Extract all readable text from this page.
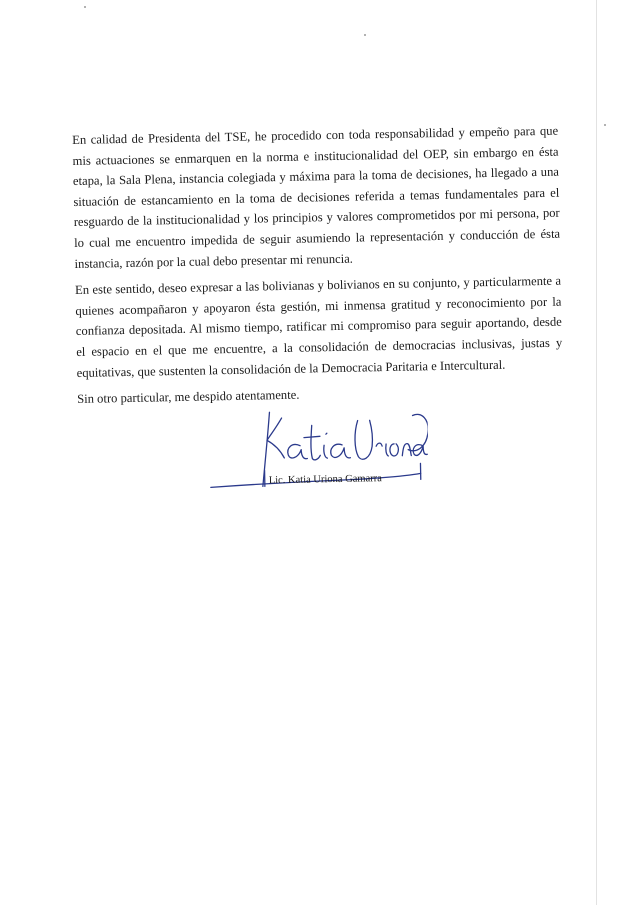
En calidad de Presidenta del TSE, he procedido con toda responsabilidad y empeño para que mis actuaciones se enmarquen en la norma e institucionalidad del OEP, sin embargo en ésta etapa, la Sala Plena, instancia colegiada y máxima para la toma de decisiones, ha llegado a una situación de estancamiento en la toma de decisiones referida a temas fundamentales para el resguardo de la institucionalidad y los principios y valores comprometidos por mi persona, por lo cual me encuentro impedida de seguir asumiendo la representación y conducción de ésta instancia, razón por la cual debo presentar mi renuncia.

En este sentido, deseo expresar a las bolivianas y bolivianos en su conjunto, y particularmente a quienes acompañaron y apoyaron ésta gestión, mi inmensa gratitud y reconocimiento por la confianza depositada. Al mismo tiempo, ratificar mi compromiso para seguir aportando, desde el espacio en el que me encuentre, a la consolidación de democracias inclusivas, justas y equitativas, que sustenten la consolidación de la Democracia Paritaria e Intercultural.

Sin otro particular, me despido atentamente.

Lic. Katia Uriona Gamarra
